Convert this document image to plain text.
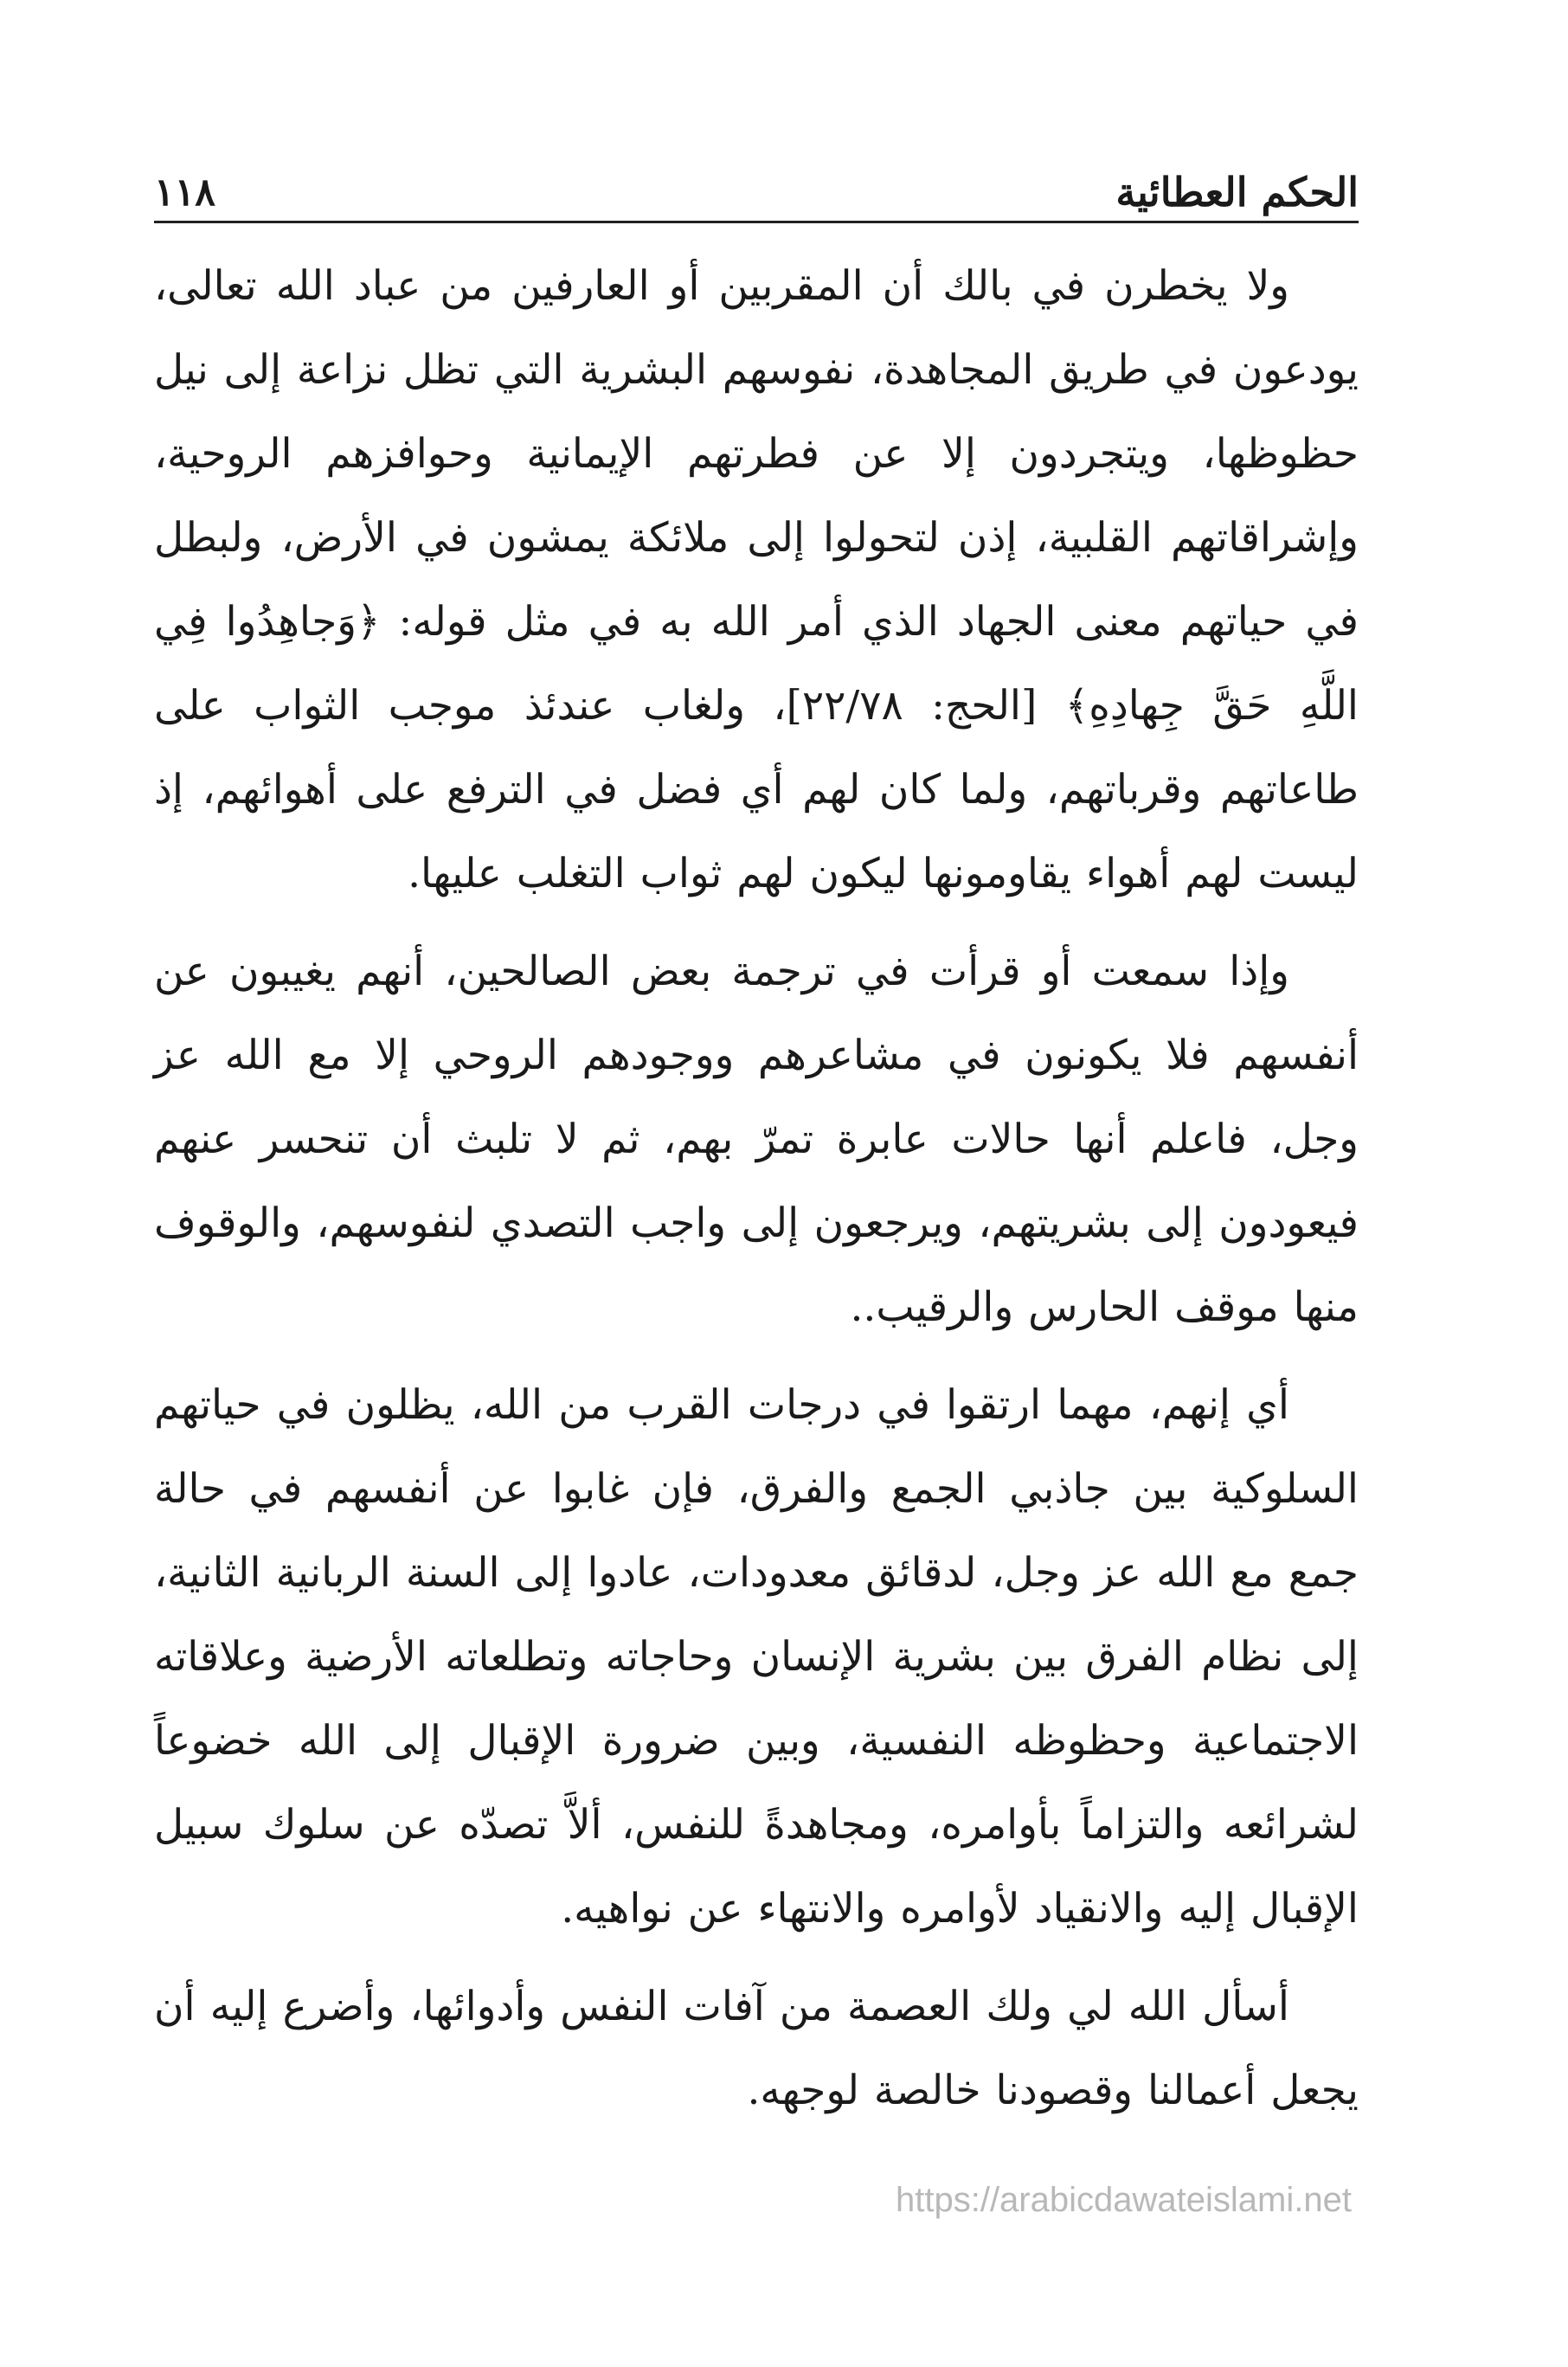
الحكم العطائية
١١٨

ولا يخطرن في بالك أن المقربين أو العارفين من عباد الله تعالى، يودعون في طريق المجاهدة، نفوسهم البشرية التي تظل نزاعة إلى نيل حظوظها، ويتجردون إلا عن فطرتهم الإيمانية وحوافزهم الروحية، وإشراقاتهم القلبية، إذن لتحولوا إلى ملائكة يمشون في الأرض، ولبطل في حياتهم معنى الجهاد الذي أمر الله به في مثل قوله: ﴿وَجاهِدُوا فِي اللَّهِ حَقَّ جِهادِهِ﴾ [الحج: ٢٢/٧٨]، ولغاب عندئذ موجب الثواب على طاعاتهم وقرباتهم، ولما كان لهم أي فضل في الترفع على أهوائهم، إذ ليست لهم أهواء يقاومونها ليكون لهم ثواب التغلب عليها.

وإذا سمعت أو قرأت في ترجمة بعض الصالحين، أنهم يغيبون عن أنفسهم فلا يكونون في مشاعرهم ووجودهم الروحي إلا مع الله عز وجل، فاعلم أنها حالات عابرة تمرّ بهم، ثم لا تلبث أن تنحسر عنهم فيعودون إلى بشريتهم، ويرجعون إلى واجب التصدي لنفوسهم، والوقوف منها موقف الحارس والرقيب..

أي إنهم، مهما ارتقوا في درجات القرب من الله، يظلون في حياتهم السلوكية بين جاذبي الجمع والفرق، فإن غابوا عن أنفسهم في حالة جمع مع الله عز وجل، لدقائق معدودات، عادوا إلى السنة الربانية الثانية، إلى نظام الفرق بين بشرية الإنسان وحاجاته وتطلعاته الأرضية وعلاقاته الاجتماعية وحظوظه النفسية، وبين ضرورة الإقبال إلى الله خضوعاً لشرائعه والتزاماً بأوامره، ومجاهدةً للنفس، ألاَّ تصدّه عن سلوك سبيل الإقبال إليه والانقياد لأوامره والانتهاء عن نواهيه.

أسأل الله لي ولك العصمة من آفات النفس وأدوائها، وأضرع إليه أن يجعل أعمالنا وقصودنا خالصة لوجهه.

https://arabicdawateislami.net
